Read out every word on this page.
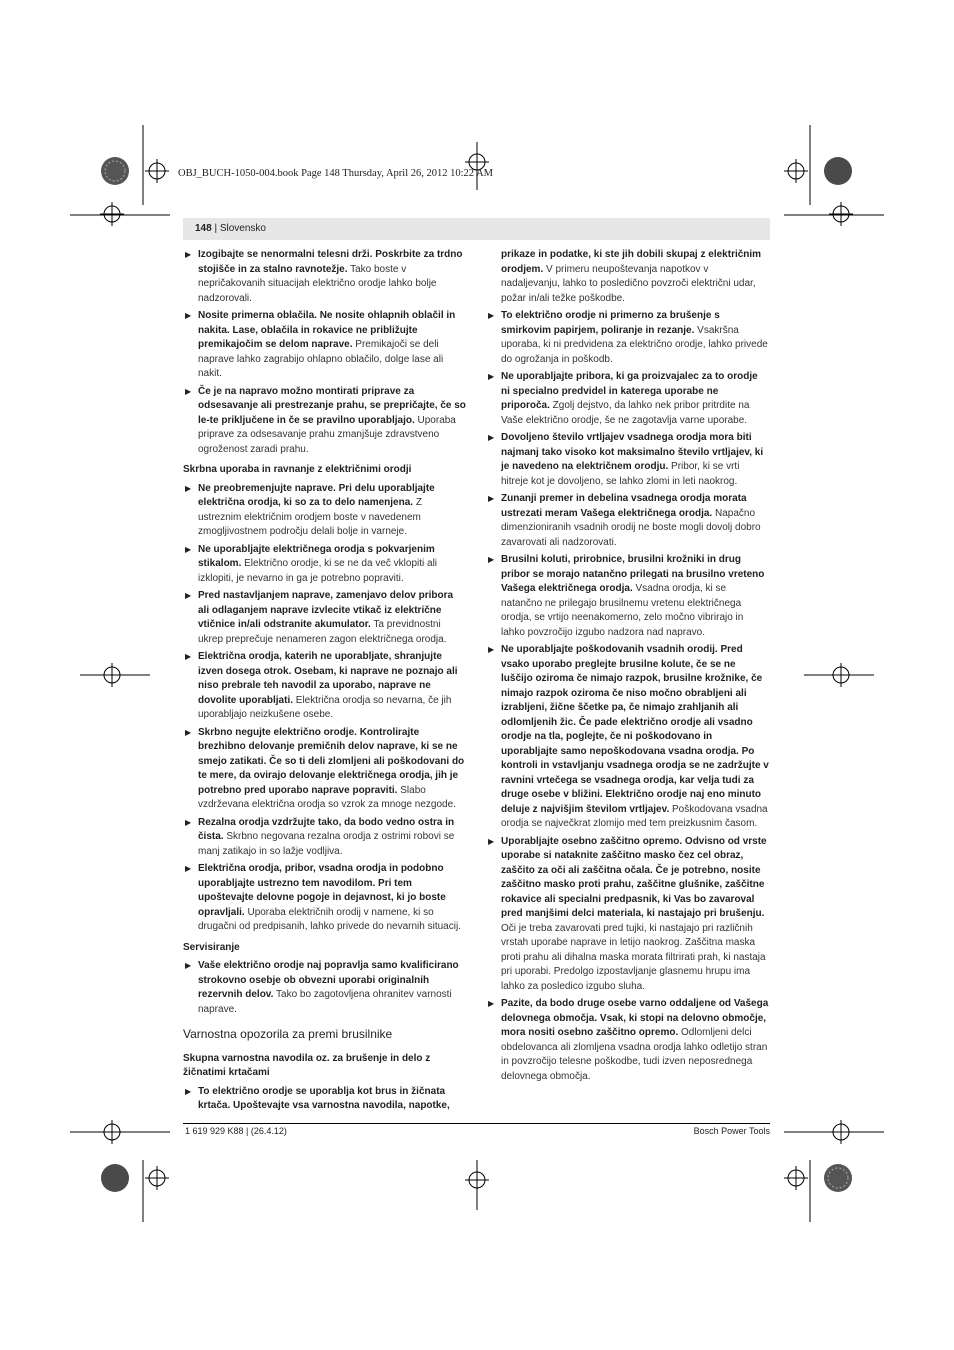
OBJ_BUCH-1050-004.book Page 148 Thursday, April 26, 2012 10:22 AM
148 | Slovensko
▶ Izogibajte se nenormalni telesni drži. Poskrbite za trdno stojišče in za stalno ravnotežje. Tako boste v nepričakovanih situacijah električno orodje lahko bolje nadzorovali.
▶ Nosite primerna oblačila. Ne nosite ohlapnih oblačil in nakita. Lase, oblačila in rokavice ne približujte premikajočim se delom naprave. Premikajoči se deli naprave lahko zagrabijo ohlapno oblačilo, dolge lase ali nakit.
▶ Če je na napravo možno montirati priprave za odsesavanje ali prestrezanje prahu, se prepričajte, če so le-te priključene in če se pravilno uporabljajo. Uporaba priprave za odsesavanje prahu zmanjšuje zdravstveno ogroženost zaradi prahu.
Skrbna uporaba in ravnanje z električnimi orodji
▶ Ne preobremenjujte naprave. Pri delu uporabljajte električna orodja, ki so za to delo namenjena. Z ustreznim električnim orodjem boste v navedenem zmogljivostnem področju delali bolje in varneje.
▶ Ne uporabljajte električnega orodja s pokvarjenim stikalom. Električno orodje, ki se ne da več vklopiti ali izklopiti, je nevarno in ga je potrebno popraviti.
▶ Pred nastavljanjem naprave, zamenjavo delov pribora ali odlaganjem naprave izvlecite vtikač iz električne vtičnice in/ali odstranite akumulator. Ta previdnostni ukrep preprečuje nenameren zagon električnega orodja.
▶ Električna orodja, katerih ne uporabljate, shranjujte izven dosega otrok. Osebam, ki naprave ne poznajo ali niso prebrale teh navodil za uporabo, naprave ne dovolite uporabljati. Električna orodja so nevarna, če jih uporabljajo neizkušene osebe.
▶ Skrbno negujte električno orodje. Kontrolirajte brezhibno delovanje premičnih delov naprave, ki se ne smejo zatikati. Če so ti deli zlomljeni ali poškodovani do te mere, da ovirajo delovanje električnega orodja, jih je potrebno pred uporabo naprave popraviti. Slabo vzdrževana električna orodja so vzrok za mnoge nezgode.
▶ Rezalna orodja vzdržujte tako, da bodo vedno ostra in čista. Skrbno negovana rezalna orodja z ostrimi robovi se manj zatikajo in so lažje vodljiva.
▶ Električna orodja, pribor, vsadna orodja in podobno uporabljajte ustrezno tem navodilom. Pri tem upoštevajte delovne pogoje in dejavnost, ki jo boste opravljali. Uporaba električnih orodij v namene, ki so drugačni od predpisanih, lahko privede do nevarnih situacij.
Servisiranje
▶ Vaše električno orodje naj popravlja samo kvalificirano strokovno osebje ob obvezni uporabi originalnih rezervnih delov. Tako bo zagotovljena ohranitev varnosti naprave.
Varnostna opozorila za premi brusilnike
Skupna varnostna navodila oz. za brušenje in delo z žičnatimi krtačami
▶ To električno orodje se uporablja kot brus in žičnata krtača. Upoštevajte vsa varnostna navodila, napotke,
prikaze in podatke, ki ste jih dobili skupaj z električnim orodjem. V primeru neupoštevanja napotkov v nadaljevanju, lahko to posledično povzroči električni udar, požar in/ali težke poškodbe.
▶ To električno orodje ni primerno za brušenje s smirkovim papirjem, poliranje in rezanje. Vsakršna uporaba, ki ni predvidena za električno orodje, lahko privede do ogrožanja in poškodb.
▶ Ne uporabljajte pribora, ki ga proizvajalec za to orodje ni specialno predvidel in katerega uporabe ne priporoča. Zgolj dejstvo, da lahko nek pribor pritrdite na Vaše električno orodje, še ne zagotavlja varne uporabe.
▶ Dovoljeno število vrtljajev vsadnega orodja mora biti najmanj tako visoko kot maksimalno število vrtljajev, ki je navedeno na električnem orodju. Pribor, ki se vrti hitreje kot je dovoljeno, se lahko zlomi in leti naokrog.
▶ Zunanji premer in debelina vsadnega orodja morata ustrezati meram Vašega električnega orodja. Napačno dimenzioniranih vsadnih orodij ne boste mogli dovolj dobro zavarovati ali nadzorovati.
▶ Brusilni koluti, prirobnice, brusilni krožniki in drug pribor se morajo natančno prilegati na brusilno vreteno Vašega električnega orodja. Vsadna orodja, ki se natančno ne prilegajo brusilnemu vretenu električnega orodja, se vrtijo neenakomerno, zelo močno vibrirajo in lahko povzročijo izgubo nadzora nad napravo.
▶ Ne uporabljajte poškodovanih vsadnih orodij. Pred vsako uporabo preglejte brusilne kolute, če se ne luščijo oziroma če nimajo razpok, brusilne krožnike, če nimajo razpok oziroma če niso močno obrabljeni ali izrabljeni, žične ščetke pa, če nimajo zrahljanih ali odlomljenih žic. Če pade električno orodje ali vsadno orodje na tla, poglejte, če ni poškodovano in uporabljajte samo nepoškodovana vsadna orodja. Po kontroli in vstavljanju vsadnega orodja se ne zadržujte v ravnini vrtečega se vsadnega orodja, kar velja tudi za druge osebe v bližini. Električno orodje naj eno minuto deluje z najvišjim številom vrtljajev. Poškodovana vsadna orodja se največkrat zlomijo med tem preizkusnim časom.
▶ Uporabljajte osebno zaščitno opremo. Odvisno od vrste uporabe si nataknite zaščitno masko čez cel obraz, zaščito za oči ali zaščitna očala. Če je potrebno, nosite zaščitno masko proti prahu, zaščitne glušnike, zaščitne rokavice ali specialni predpasnik, ki Vas bo zavaroval pred manjšimi delci materiala, ki nastajajo pri brušenju. Oči je treba zavarovati pred tujki, ki nastajajo pri različnih vrstah uporabe naprave in letijo naokrog. Zaščitna maska proti prahu ali dihalna maska morata filtrirati prah, ki nastaja pri uporabi. Predolgo izpostavljanje glasnemu hrupu ima lahko za posledico izgubo sluha.
▶ Pazite, da bodo druge osebe varno oddaljene od Vašega delovnega območja. Vsak, ki stopi na delovno območje, mora nositi osebno zaščitno opremo. Odlomljeni delci obdelovanca ali zlomljena vsadna orodja lahko odletijo stran in povzročijo telesne poškodbe, tudi izven neposrednega delovnega območja.
1 619 929 K88 | (26.4.12)	Bosch Power Tools
